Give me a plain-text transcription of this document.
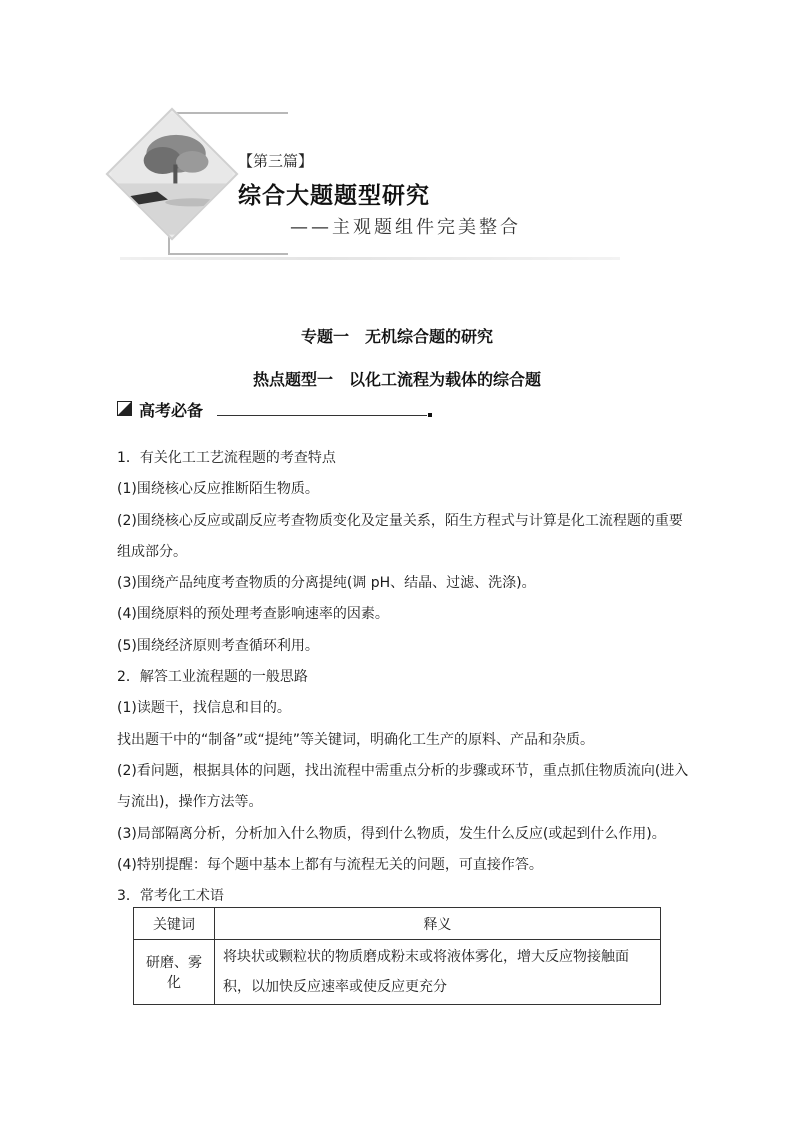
【第三篇】
综合大题题型研究
——主观题组件完美整合
专题一　无机综合题的研究
热点题型一　以化工流程为载体的综合题
高考必备
1．有关化工工艺流程题的考查特点
(1)围绕核心反应推断陌生物质。
(2)围绕核心反应或副反应考查物质变化及定量关系，陌生方程式与计算是化工流程题的重要
组成部分。
(3)围绕产品纯度考查物质的分离提纯(调 pH、结晶、过滤、洗涤)。
(4)围绕原料的预处理考查影响速率的因素。
(5)围绕经济原则考查循环利用。
2．解答工业流程题的一般思路
(1)读题干，找信息和目的。
找出题干中的“制备”或“提纯”等关键词，明确化工生产的原料、产品和杂质。
(2)看问题，根据具体的问题，找出流程中需重点分析的步骤或环节，重点抓住物质流向(进入
与流出)，操作方法等。
(3)局部隔离分析，分析加入什么物质，得到什么物质，发生什么反应(或起到什么作用)。
(4)特别提醒：每个题中基本上都有与流程无关的问题，可直接作答。
3．常考化工术语
关键词	释义
研磨、雾化	将块状或颗粒状的物质磨成粉末或将液体雾化，增大反应物接触面积，以加快反应速率或使反应更充分
